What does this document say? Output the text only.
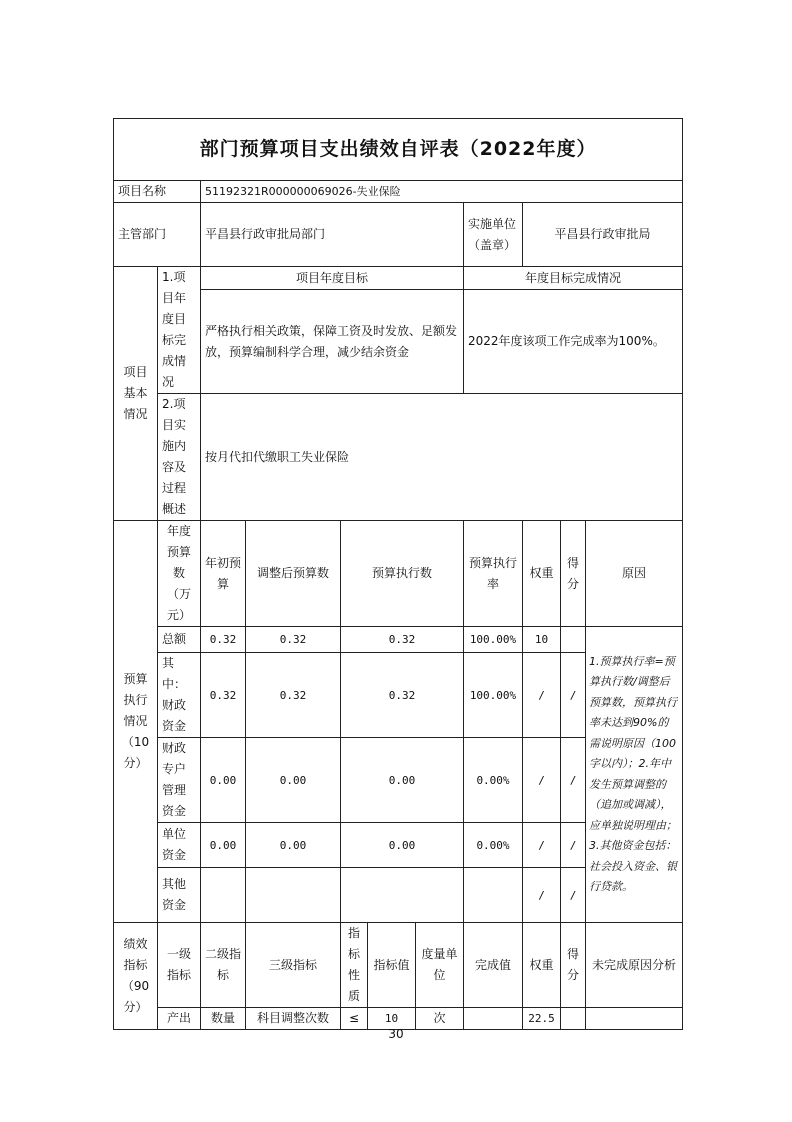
部门预算项目支出绩效自评表（2022年度）										
项目名称		51192321R000000069026-失业保险								
主管部门		平昌县行政审批局部门					实施单位（盖章）	平昌县行政审批局		
项目基本情况	1.项目年度目标完成情况	项目年度目标					年度目标完成情况			
		严格执行相关政策，保障工资及时发放、足额发放，预算编制科学合理，减少结余资金					2022年度该项工作完成率为100%。			
	2.项目实施内容及过程概述	按月代扣代缴职工失业保险								
预算执行情况（10分）	年度预算数（万元）	年初预算	调整后预算数	预算执行数			预算执行率	权重	得分	原因
	总额	0.32	0.32	0.32			100.00%	10		1.预算执行率=预算执行数/调整后预算数，预算执行率未达到90%的需说明原因（100字以内）；2.年中发生预算调整的（追加或调减），应单独说明理由；3.其他资金包括：社会投入资金、银行贷款。
	其中：财政资金	0.32	0.32	0.32			100.00%	/	/	
	财政专户管理资金	0.00	0.00	0.00			0.00%	/	/	
	单位资金	0.00	0.00	0.00			0.00%	/	/	
	其他资金							/	/	
绩效指标（90分）	一级指标	二级指标	三级指标	指标性质	指标值	度量单位	完成值	权重	得分	未完成原因分析
	产出	数量	科目调整次数	≤	10	次		22.5		
30
